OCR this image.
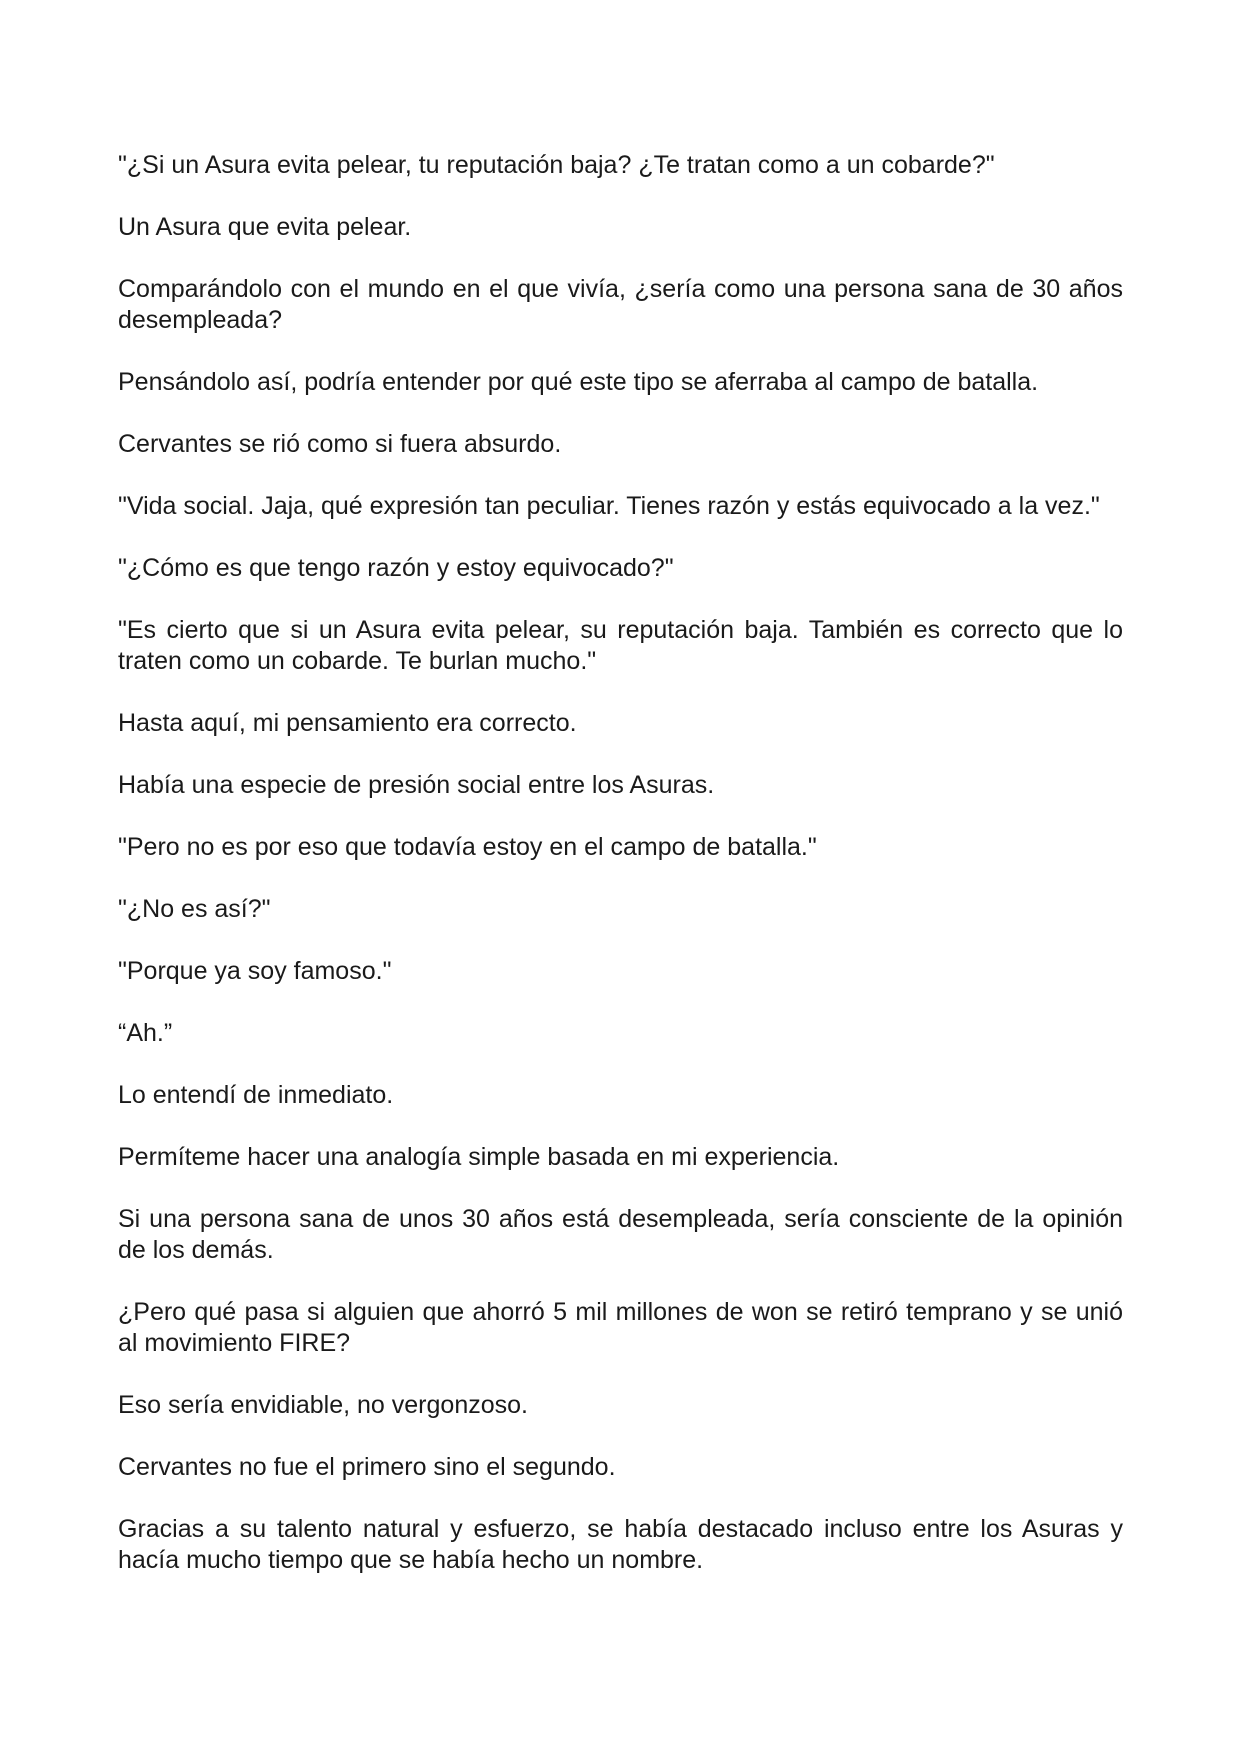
"¿Si un Asura evita pelear, tu reputación baja? ¿Te tratan como a un cobarde?"

Un Asura que evita pelear.

Comparándolo con el mundo en el que vivía, ¿sería como una persona sana de 30 años desempleada?

Pensándolo así, podría entender por qué este tipo se aferraba al campo de batalla.

Cervantes se rió como si fuera absurdo.

"Vida social. Jaja, qué expresión tan peculiar. Tienes razón y estás equivocado a la vez."

"¿Cómo es que tengo razón y estoy equivocado?"

"Es cierto que si un Asura evita pelear, su reputación baja. También es correcto que lo traten como un cobarde. Te burlan mucho."

Hasta aquí, mi pensamiento era correcto.

Había una especie de presión social entre los Asuras.

"Pero no es por eso que todavía estoy en el campo de batalla."

"¿No es así?"

"Porque ya soy famoso."

“Ah.”

Lo entendí de inmediato.

Permíteme hacer una analogía simple basada en mi experiencia.

Si una persona sana de unos 30 años está desempleada, sería consciente de la opinión de los demás.

¿Pero qué pasa si alguien que ahorró 5 mil millones de won se retiró temprano y se unió al movimiento FIRE?

Eso sería envidiable, no vergonzoso.

Cervantes no fue el primero sino el segundo.

Gracias a su talento natural y esfuerzo, se había destacado incluso entre los Asuras y hacía mucho tiempo que se había hecho un nombre.
